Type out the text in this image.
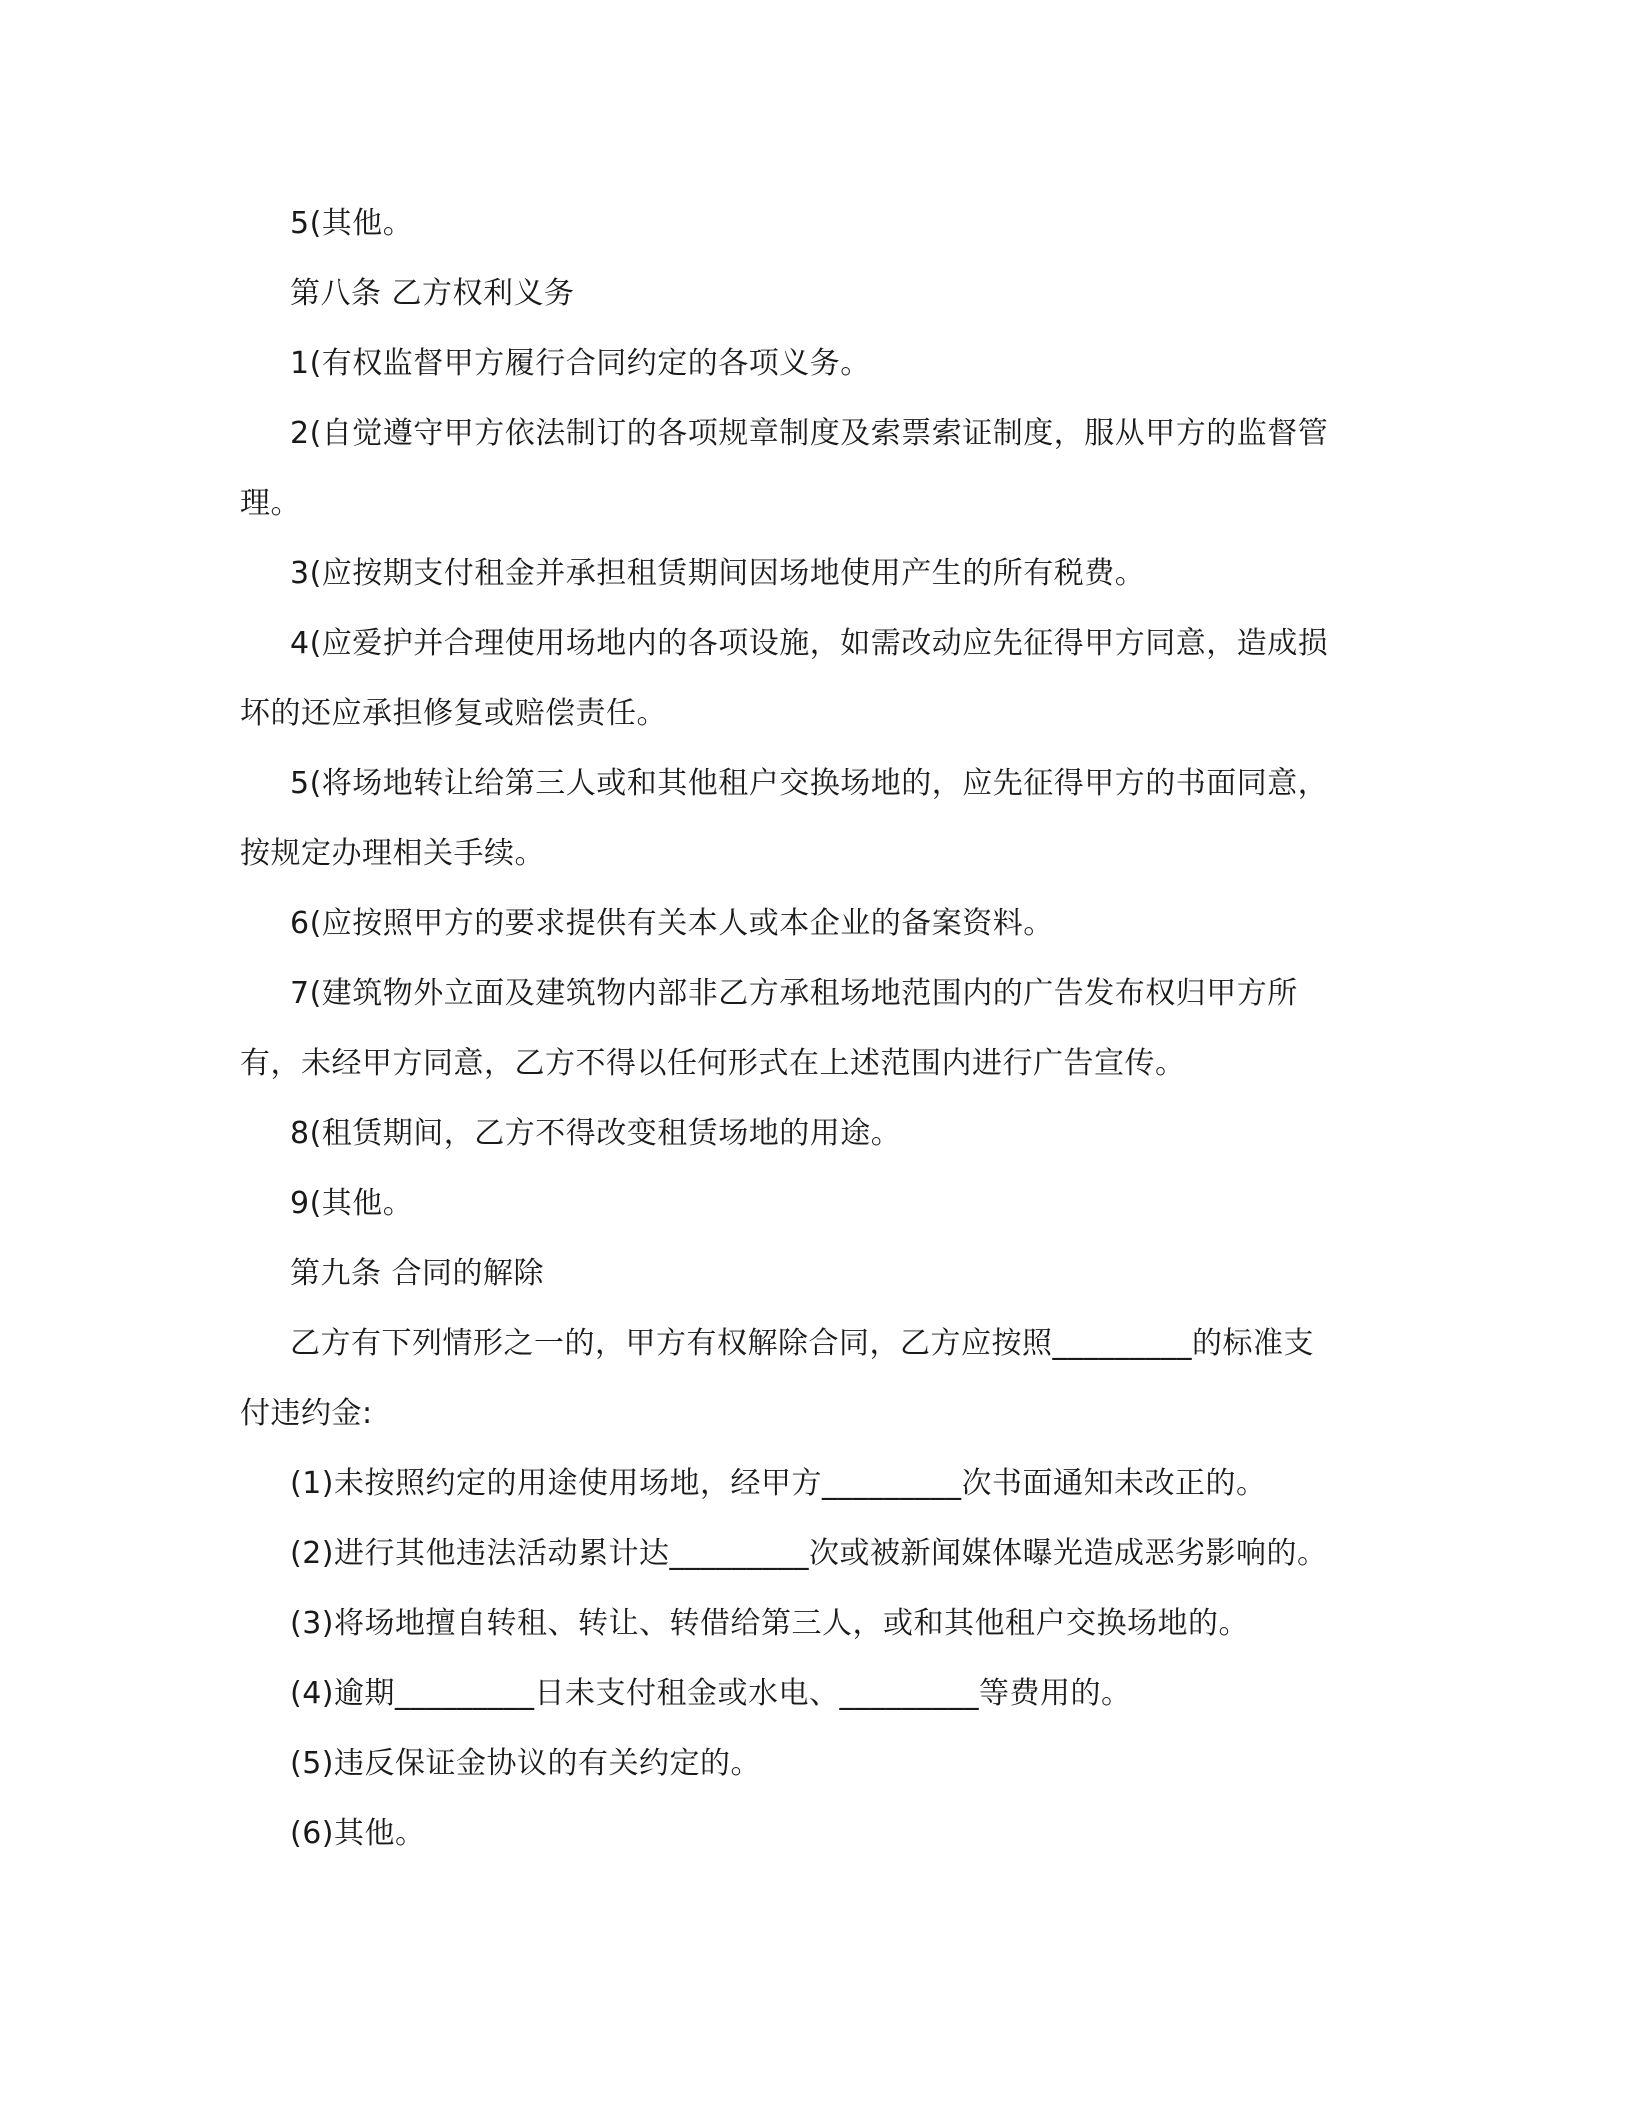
5(其他。
第八条 乙方权利义务
1(有权监督甲方履行合同约定的各项义务。
2(自觉遵守甲方依法制订的各项规章制度及索票索证制度，服从甲方的监督管
理。
3(应按期支付租金并承担租赁期间因场地使用产生的所有税费。
4(应爱护并合理使用场地内的各项设施，如需改动应先征得甲方同意，造成损
坏的还应承担修复或赔偿责任。
5(将场地转让给第三人或和其他租户交换场地的，应先征得甲方的书面同意，
按规定办理相关手续。
6(应按照甲方的要求提供有关本人或本企业的备案资料。
7(建筑物外立面及建筑物内部非乙方承租场地范围内的广告发布权归甲方所
有，未经甲方同意，乙方不得以任何形式在上述范围内进行广告宣传。
8(租赁期间，乙方不得改变租赁场地的用途。
9(其他。
第九条 合同的解除
乙方有下列情形之一的，甲方有权解除合同，乙方应按照_________的标准支
付违约金:
(1)未按照约定的用途使用场地，经甲方_________次书面通知未改正的。
(2)进行其他违法活动累计达_________次或被新闻媒体曝光造成恶劣影响的。
(3)将场地擅自转租、转让、转借给第三人，或和其他租户交换场地的。
(4)逾期_________日未支付租金或水电、_________等费用的。
(5)违反保证金协议的有关约定的。
(6)其他。
